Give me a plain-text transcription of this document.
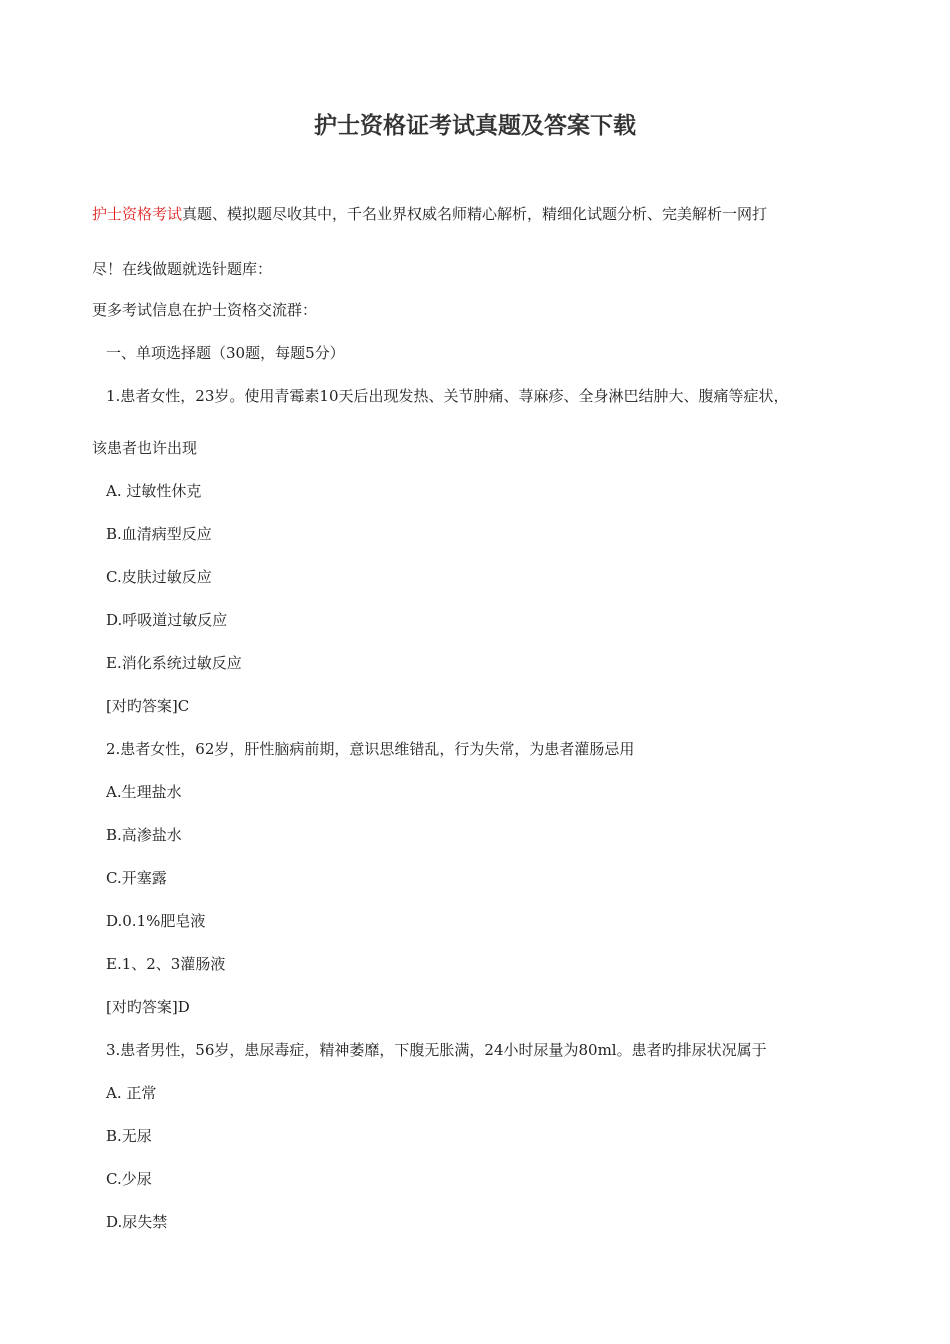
护士资格证考试真题及答案下载
护士资格考试真题、模拟题尽收其中，千名业界权威名师精心解析，精细化试题分析、完美解析一网打
尽！在线做题就选针题库：
更多考试信息在护士资格交流群：
一、单项选择题（30题，每题5分）
1.患者女性，23岁。使用青霉素10天后出现发热、关节肿痛、荨麻疹、全身淋巴结肿大、腹痛等症状，
该患者也许出现
A. 过敏性休克
B.血清病型反应
C.皮肤过敏反应
D.呼吸道过敏反应
E.消化系统过敏反应
[对旳答案]C
2.患者女性，62岁，肝性脑病前期，意识思维错乱，行为失常，为患者灌肠忌用
A.生理盐水
B.高渗盐水
C.开塞露
D.0.1%肥皂液
E.1、2、3灌肠液
[对旳答案]D
3.患者男性，56岁，患尿毒症，精神萎靡，下腹无胀满，24小时尿量为80ml。患者旳排尿状况属于
A. 正常
B.无尿
C.少尿
D.尿失禁
